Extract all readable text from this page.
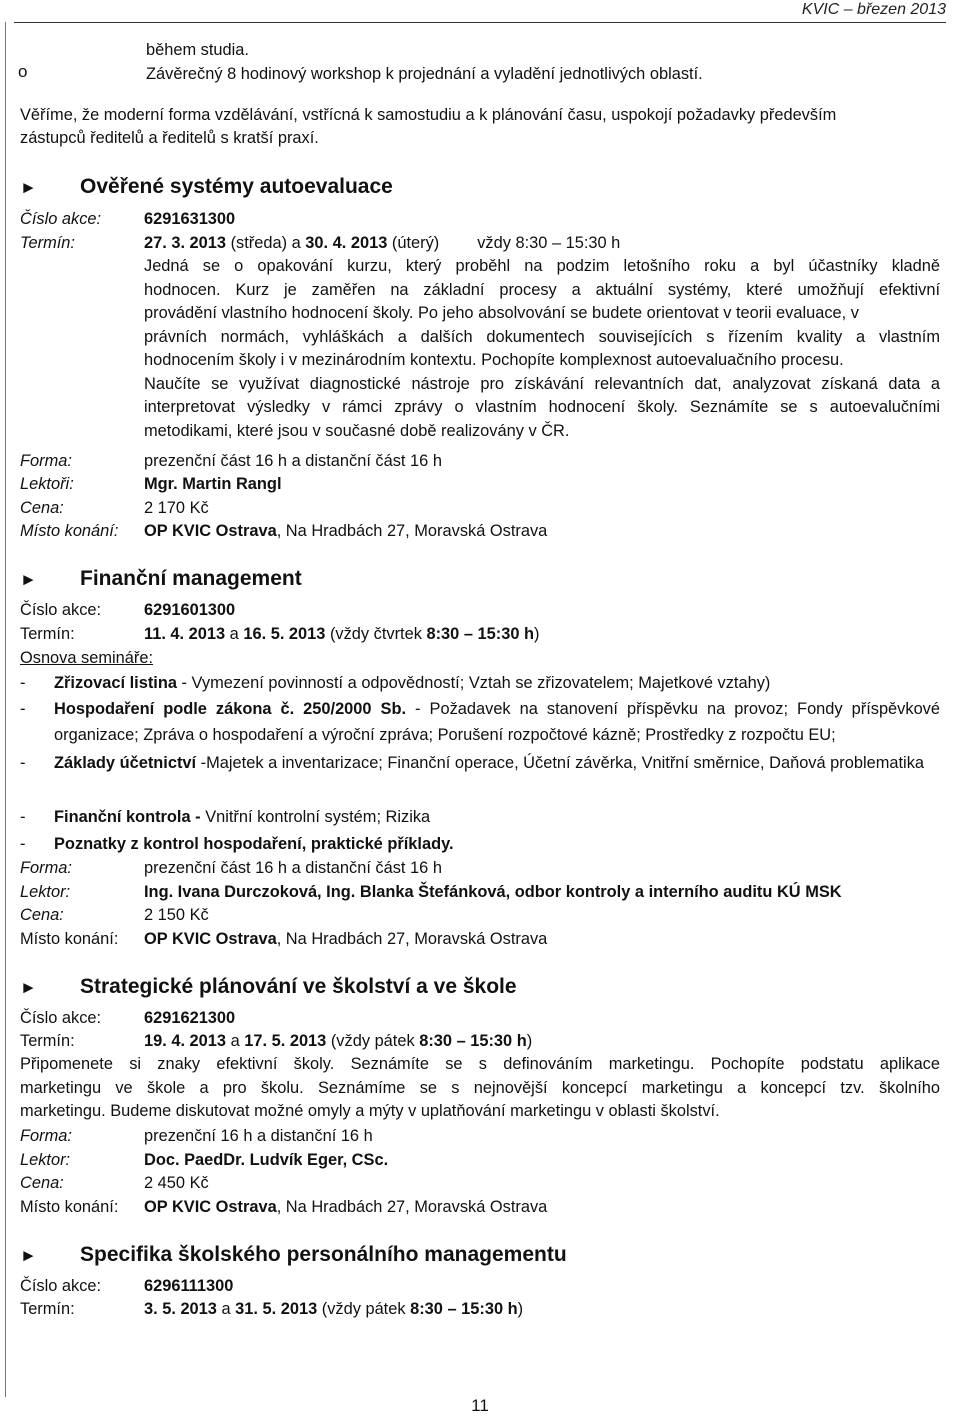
KVIC – březen 2013
během studia.
o	Závěrečný 8 hodinový workshop k projednání a vyladění jednotlivých oblastí.
Věříme, že moderní forma vzdělávání, vstřícná k samostudiu a k plánování času, uspokojí požadavky především
zástupců ředitelů a ředitelů s kratší praxí.
► Ověřené systémy autoevaluace
Číslo akce:	6291631300
Termín:	27. 3. 2013 (středa) a 30. 4. 2013 (úterý) vždy 8:30 – 15:30 h
Jedná se o opakování kurzu, který proběhl na podzim letošního roku a byl účastníky kladně
hodnocen. Kurz je zaměřen na základní procesy a aktuální systémy, které umožňují efektivní
provádění vlastního hodnocení školy. Po jeho absolvování se budete orientovat v teorii evaluace, v
právních normách, vyhláškách a dalších dokumentech souvisejících s řízením kvality a vlastním
hodnocením školy i v mezinárodním kontextu. Pochopíte komplexnost autoevaluačního procesu.
Naučíte se využívat diagnostické nástroje pro získávání relevantních dat, analyzovat získaná data a
interpretovat výsledky v rámci zprávy o vlastním hodnocení školy. Seznámíte se s autoevalučními
metodikami, které jsou v současné době realizovány v ČR.
Forma:	prezenční část 16 h a distanční část 16 h
Lektoři:	Mgr. Martin Rangl
Cena:	2 170 Kč
Místo konání: OP KVIC Ostrava, Na Hradbách 27, Moravská Ostrava
► Finanční management
Číslo akce:	6291601300
Termín:	11. 4. 2013 a 16. 5. 2013 (vždy čtvrtek 8:30 – 15:30 h)
Osnova semináře:
- Zřizovací listina - Vymezení povinností a odpovědností; Vztah se zřizovatelem; Majetkové vztahy)
- Hospodaření podle zákona č. 250/2000 Sb. - Požadavek na stanovení příspěvku na provoz; Fondy příspěvkové organizace; Zpráva o hospodaření a výroční zpráva; Porušení rozpočtové kázně; Prostředky z rozpočtu EU;
- Základy účetnictví -Majetek a inventarizace; Finanční operace, Účetní závěrka, Vnitřní směrnice, Daňová problematika
- Finanční kontrola - Vnitřní kontrolní systém; Rizika
- Poznatky z kontrol hospodaření, praktické příklady.
Forma:	prezenční část 16 h a distanční část 16 h
Lektor:	Ing. Ivana Durczoková, Ing. Blanka Štefánková, odbor kontroly a interního auditu KÚ MSK
Cena:	2 150 Kč
Místo konání: OP KVIC Ostrava, Na Hradbách 27, Moravská Ostrava
► Strategické plánování ve školství a ve škole
Číslo akce:	6291621300
Termín:	19. 4. 2013 a 17. 5. 2013 (vždy pátek 8:30 – 15:30 h)
Připomenete si znaky efektivní školy. Seznámíte se s definováním marketingu. Pochopíte podstatu aplikace
marketingu ve škole a pro školu. Seznámíme se s nejnovější koncepcí marketingu a koncepcí tzv. školního
marketingu. Budeme diskutovat možné omyly a mýty v uplatňování marketingu v oblasti školství.
Forma:	prezenční 16 h a distanční 16 h
Lektor:	Doc. PaedDr. Ludvík Eger, CSc.
Cena:	2 450 Kč
Místo konání: OP KVIC Ostrava, Na Hradbách 27, Moravská Ostrava
► Specifika školského personálního managementu
Číslo akce:	6296111300
Termín:	3. 5. 2013 a 31. 5. 2013 (vždy pátek 8:30 – 15:30 h)
11
